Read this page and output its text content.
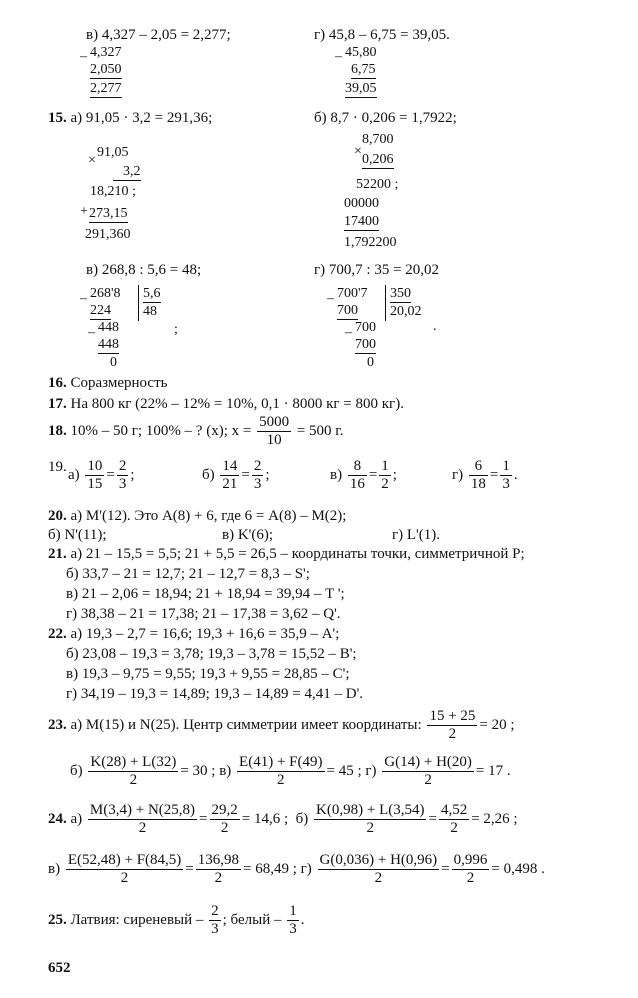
в) 4,327 – 2,05 = 2,277;	г) 45,8 – 6,75 = 39,05.
– 4,327
2,050
2,277
– 45,80
6,75
39,05
15. а) 91,05 · 3,2 = 291,36;	б) 8,7 · 0,206 = 1,7922;
×
91,05
3,2
18,210 ;
+ 273,15
291,360
×
8,700
0,206
52200 ;
00000
17400
1,792200
в) 268,8 : 5,6 = 48;	г) 700,7 : 35 = 20,02
– 268'8
224
5,6
48
– 448
448
0
;
– 700'7
700
350
20,02
– 700
700
0
.
16. Соразмерность
17. На 800 кг (22% – 12% = 10%, 0,1 · 8000 кг = 800 кг).
18. 10% – 50 г; 100% – ? (x); $x = \frac{5000}{10} = 500$ г.
19. $а) \frac{10}{15} = \frac{2}{3}$ ;	$б) \frac{14}{21} = \frac{2}{3}$ ;	$в) \frac{8}{16} = \frac{1}{2}$ ;	$г) \frac{6}{18} = \frac{1}{3}$ .
20. а) M'(12). Это A(8) + 6, где 6 = A(8) – M(2);
б) N'(11);	в) K'(6);	г) L'(1).
21. а) 21 – 15,5 = 5,5; 21 + 5,5 = 26,5 – координаты точки, симметричной P;
б) 33,7 – 21 = 12,7; 21 – 12,7 = 8,3 – S';
в) 21 – 2,06 = 18,94; 21 + 18,94 = 39,94 – T ';
г) 38,38 – 21 = 17,38; 21 – 17,38 = 3,62 – Q'.
22. а) 19,3 – 2,7 = 16,6; 19,3 + 16,6 = 35,9 – A';
б) 23,08 – 19,3 = 3,78; 19,3 – 3,78 = 15,52 – B';
в) 19,3 – 9,75 = 9,55; 19,3 + 9,55 = 28,85 – C';
г) 34,19 – 19,3 = 14,89; 19,3 – 14,89 = 4,41 – D'.
23. а) M(15) и N(25). Центр симметрии имеет координаты: $\frac{15 + 25}{2} = 20$ ;
$б) \frac{K(28) + L(32)}{2} = 30$ ; $в) \frac{E(41) + F(49)}{2} = 45$ ; $г) \frac{G(14) + H(20)}{2} = 17$ .
24. $а) \frac{M(3,4) + N(25,8)}{2} = \frac{29,2}{2} = 14,6$ ; $б) \frac{K(0,98) + L(3,54)}{2} = \frac{4,52}{2} = 2,26$ ;
$в) \frac{E(52,48) + F(84,5)}{2} = \frac{136,98}{2} = 68,49$ ; $г) \frac{G(0,036) + H(0,96)}{2} = \frac{0,996}{2} = 0,498$ .
25. Латвия: сиреневый – $\frac{2}{3}$ ; белый – $\frac{1}{3}$ .
652
